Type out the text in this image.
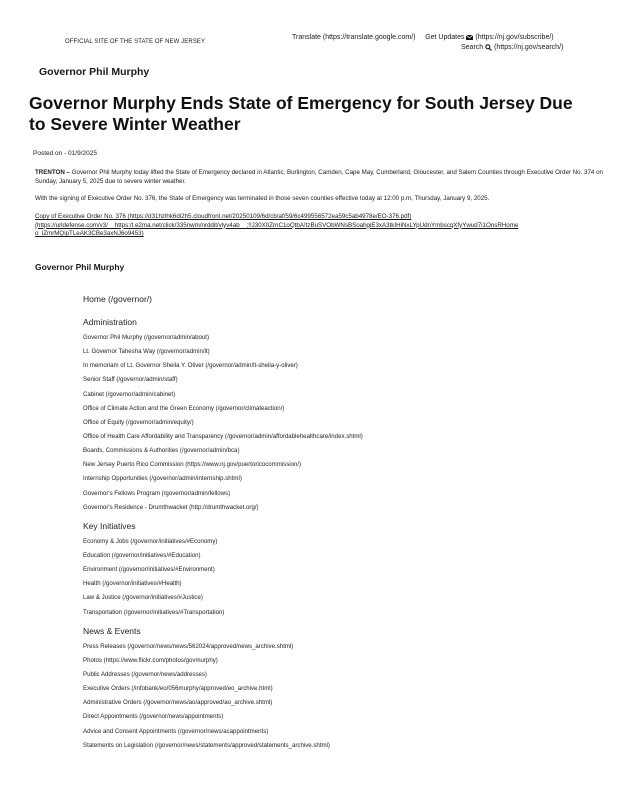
OFFICIAL SITE OF THE STATE OF NEW JERSEY
Translate (https://translate.google.com/) Get Updates (https://nj.gov/subscribe/)
Search (https://nj.gov/search/)
Governor Phil Murphy
Governor Murphy Ends State of Emergency for South Jersey Due to Severe Winter Weather
Posted on - 01/9/2025
TRENTON – Governor Phil Murphy today lifted the State of Emergency declared in Atlantic, Burlington, Camden, Cape May, Cumberland, Gloucester, and Salem Counties through Executive Order No. 374 on Sunday, January 5, 2025 due to severe winter weather.
With the signing of Executive Order No. 376, the State of Emergency was terminated in those seven counties effective today at 12:00 p.m, Thursday, January 9, 2025.
Copy of Executive Order No. 376 (https://d31hzlhk6di2h5.cloudfront.net/20250109/6d/cb/af/59/6c499556572ea59c5ab4978e/EO-376.pdf)
(https://urldefense.com/v3/__https:/t.e2ma.net/click/335nwm/nrddit/vlyv4ab__;!!J30X0ZrnC1oQtbA!tzBuSVObWNsBSoahgiE3xA3tkIHiNxLYpUdnYmbscqXfyYwud7i1OnsRHome
o_lZmrMQipTLeAK3CBe3axNJ6o9453)
Governor Phil Murphy
Home (/governor/)
Administration
Governor Phil Murphy (/governor/admin/about)
Lt. Governor Tahesha Way (/governor/admin/lt)
In memoriam of Lt. Governor Sheila Y. Oliver (/governor/admin/lt-sheila-y-oliver)
Senior Staff (/governor/admin/staff)
Cabinet (/governor/admin/cabinet)
Office of Climate Action and the Green Economy (/governor/climateaction/)
Office of Equity (/governor/admin/equity/)
Office of Health Care Affordability and Transparency (/governor/admin/affordablehealthcare/index.shtml)
Boards, Commissions & Authorities (/governor/admin/bca)
New Jersey Puerto Rico Commission (https://www.nj.gov/puertoricocommission/)
Internship Opportunities (/governor/admin/internship.shtml)
Governor's Fellows Program (/governor/admin/fellows)
Governor's Residence - Drumthwacket (http://drumthwacket.org/)
Key Initiatives
Economy & Jobs (/governor/initiatives/#Economy)
Education (/governor/initiatives/#Education)
Environment (/governor/initiatives/#Environment)
Health (/governor/initiatives/#Health)
Law & Justice (/governor/initiatives/#Justice)
Transportation (/governor/initiatives/#Transportation)
News & Events
Press Releases (/governor/news/news/562024/approved/news_archive.shtml)
Photos (https://www.flickr.com/photos/govmurphy)
Public Addresses (/governor/news/addresses)
Executive Orders (/infobank/eo/056murphy/approved/eo_archive.html)
Administrative Orders (/governor/news/ao/approved/ao_archive.shtml)
Direct Appointments (/governor/news/appointments)
Advice and Consent Appointments (/governor/news/acappointments)
Statements on Legislation (/governor/news/statements/approved/statements_archive.shtml)
